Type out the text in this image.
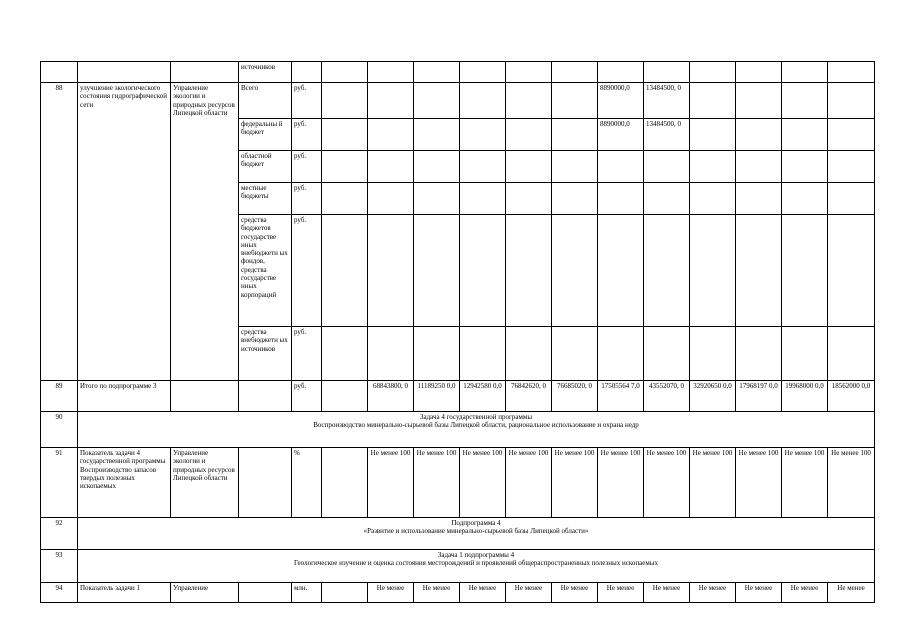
			источников													
88	улучшение экологического состояния гидрографической сети	Управление экологии и природных ресурсов Липецкой области	Всего	руб.							8890000,0	13484500, 0				
			федеральны й бюджет	руб.							8890000,0	13484500, 0				
			областной бюджет	руб.												
			местные бюджеты	руб.												
			средства бюджетов государстве нных внебюджетн ых фондов, средства государстве нных корпораций	руб.												
			средства внебюджетн ых источников	руб.												
89	Итого по подпрограмме 3			руб.		68843800, 0	11189250 0,0	12942580 0,0	76842620, 0	76685020, 0	17505564 7,0	43552070, 0	32920650 0,0	17968197 0,0	19968000 0,0	18562000 0,0
90	Задача 4 государственной программы
Воспроизводство минерально-сырьевой базы Липецкой области, рациональное использование и охрана недр															

91	Показатель задачи 4 государственной программы Воспроизводство запасов твердых полезных ископаемых	Управление экологии и природных ресурсов Липецкой области		%		Не менее 100	Не менее 100	Не менее 100	Не менее 100	Не менее 100	Не менее 100	Не менее 100	Не менее 100	Не менее 100	Не менее 100	Не менее 100
92	Подпрограмма 4
«Развитие и использование минерально-сырьевой базы Липецкой области»															

93	Задача 1 подпрограммы 4
Геологическое изучение и оценка состояния месторождений и проявлений общераспространенных полезных ископаемых															

94	Показатель задачи 1	Управление		млн.		Не менее	Не менее	Не менее	Не менее	Не менее	Не менее	Не менее	Не менее	Не менее	Не менее	Не менее
